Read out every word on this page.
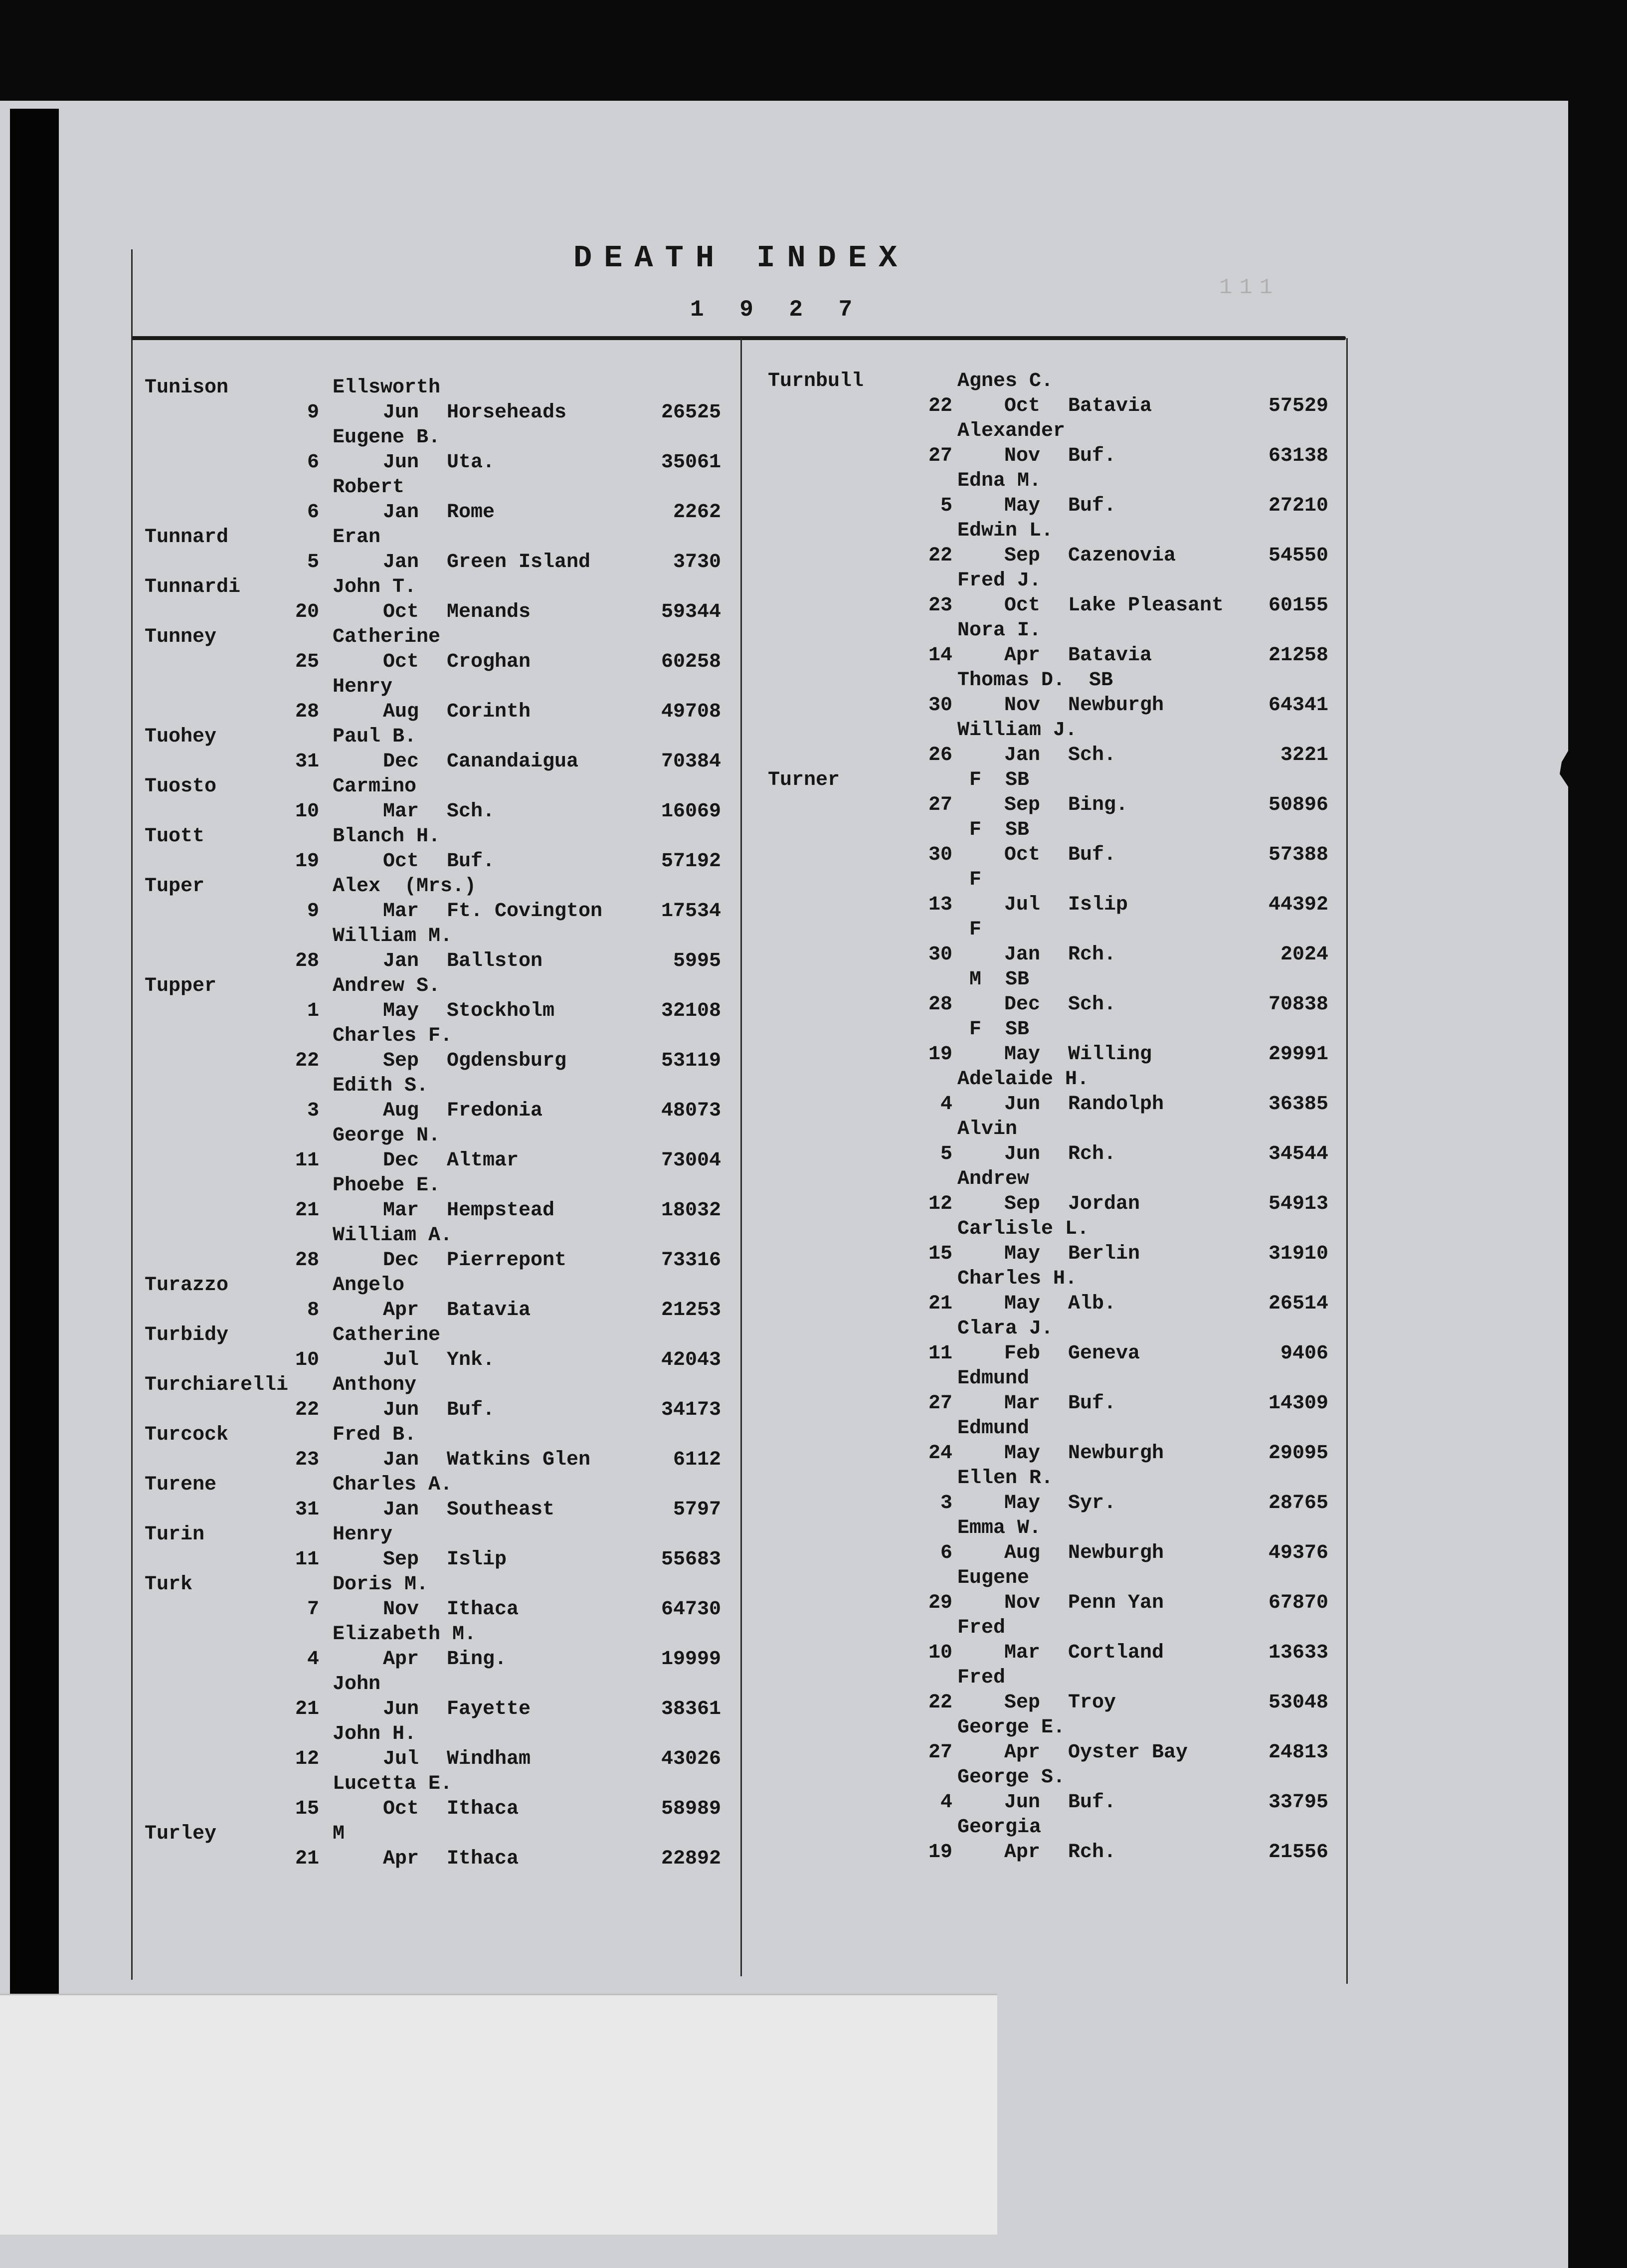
DEATH INDEX
1 9 2 7
111
Tunison	Ellsworth
9	Jun Horseheads	26525
Eugene B.
6	Jun Uta.	35061
Robert
6	Jan Rome	2262
Tunnard	Eran
5	Jan Green Island	3730
Tunnardi	John T.
20	Oct Menands	59344
Tunney	Catherine
25	Oct Croghan	60258
Henry
28	Aug Corinth	49708
Tuohey	Paul B.
31	Dec Canandaigua	70384
Tuosto	Carmino
10	Mar Sch.	16069
Tuott	Blanch H.
19	Oct Buf.	57192
Tuper	Alex  (Mrs.)
9	Mar Ft. Covington	17534
William M.
28	Jan Ballston	5995
Tupper	Andrew S.
1	May Stockholm	32108
Charles F.
22	Sep Ogdensburg	53119
Edith S.
3	Aug Fredonia	48073
George N.
11	Dec Altmar	73004
Phoebe E.
21	Mar Hempstead	18032
William A.
28	Dec Pierrepont	73316
Turazzo	Angelo
8	Apr Batavia	21253
Turbidy	Catherine
10	Jul Ynk.	42043
Turchiarelli Anthony
22	Jun Buf.	34173
Turcock	Fred B.
23	Jan Watkins Glen	6112
Turene	Charles A.
31	Jan Southeast	5797
Turin	Henry
11	Sep Islip	55683
Turk	Doris M.
7	Nov Ithaca	64730
Elizabeth M.
4	Apr Bing.	19999
John
21	Jun Fayette	38361
John H.
12	Jul Windham	43026
Lucetta E.
15	Oct Ithaca	58989
Turley	M
21	Apr Ithaca	22892
Turnbull	Agnes C.
22	Oct Batavia	57529
Alexander
27	Nov Buf.	63138
Edna M.
5	May Buf.	27210
Edwin L.
22	Sep Cazenovia	54550
Fred J.
23	Oct Lake Pleasant	60155
Nora I.
14	Apr Batavia	21258
Thomas D.  SB
30	Nov Newburgh	64341
William J.
26	Jan Sch.	3221
Turner	F  SB
27	Sep Bing.	50896
F  SB
30	Oct Buf.	57388
F
13	Jul Islip	44392
F
30	Jan Rch.	2024
M  SB
28	Dec Sch.	70838
F  SB
19	May Willing	29991
Adelaide H.
4	Jun Randolph	36385
Alvin
5	Jun Rch.	34544
Andrew
12	Sep Jordan	54913
Carlisle L.
15	May Berlin	31910
Charles H.
21	May Alb.	26514
Clara J.
11	Feb Geneva	9406
Edmund
27	Mar Buf.	14309
Edmund
24	May Newburgh	29095
Ellen R.
3	May Syr.	28765
Emma W.
6	Aug Newburgh	49376
Eugene
29	Nov Penn Yan	67870
Fred
10	Mar Cortland	13633
Fred
22	Sep Troy	53048
George E.
27	Apr Oyster Bay	24813
George S.
4	Jun Buf.	33795
Georgia
19	Apr Rch.	21556
